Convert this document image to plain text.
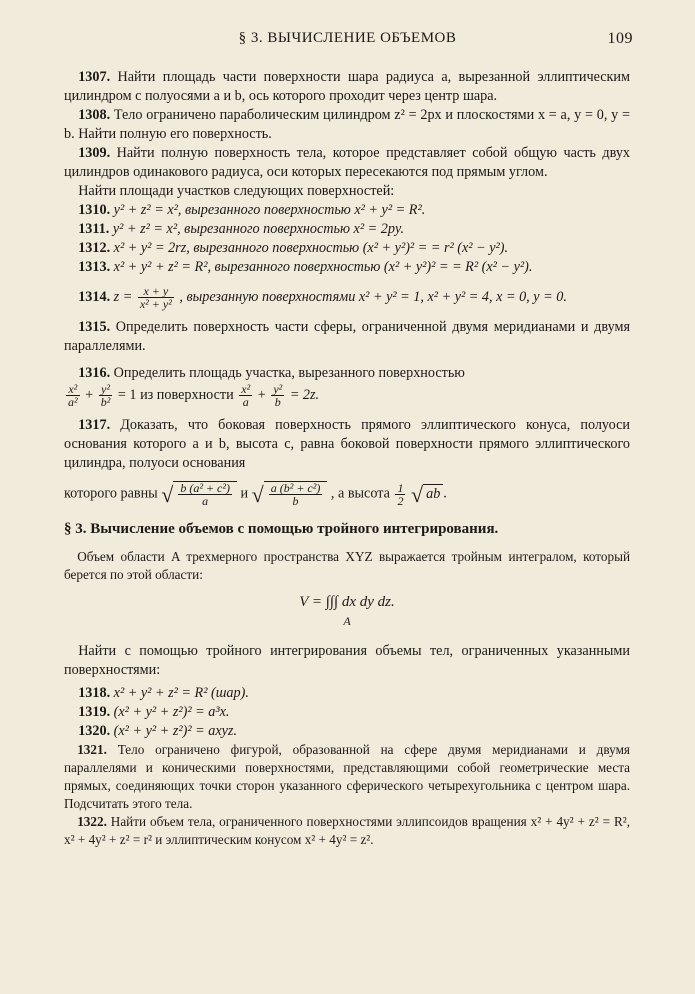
§ 3. ВЫЧИСЛЕНИЕ ОБЪЕМОВ	109

 1307. Найти площадь части поверхности шара радиуса a, вырезанной эллиптическим цилиндром с полуосями a и b, ось которого проходит через центр шара.

 1308. Тело ограничено параболическим цилиндром z² = 2px и плоскостями x = a, y = 0, y = b. Найти полную его поверхность.

 1309. Найти полную поверхность тела, которое представляет собой общую часть двух цилиндров одинакового радиуса, оси которых пересекаются под прямым углом.

 Найти площади участков следующих поверхностей:

 1310. y² + z² = x², вырезанного поверхностью x² + y² = R².

 1311. y² + z² = x², вырезанного поверхностью x² = 2py.

 1312. x² + y² = 2rz, вырезанного поверхностью (x² + y²)² = = r² (x² − y²).

 1313. x² + y² + z² = R², вырезанного поверхностью (x² + y²)² = = R² (x² − y²).

 1314. $z = \frac{x + y}{\text{x² + y²}}$ , вырезанную поверхностями x² + y² = 1, x² + y² = 4, x = 0, y = 0.

 1315. Определить поверхность части сферы, ограниченной двумя меридианами и двумя параллелями.

 1316. Определить площадь участка, вырезанного поверхностью

$\frac{\text{x²}}{\text{a²}} + \frac{\text{y²}}{\text{b²}} = 1$ из поверхности $\frac{\text{x²}}{a} + \frac{\text{y²}}{b} = 2z$.

 1317. Доказать, что боковая поверхность прямого эллиптического конуса, полуоси основания которого a и b, высота c, равна боковой поверхности прямого эллиптического цилиндра, полуоси основания

которого равны √ $\frac{\text{b (a² + c²)}}{a}$ и √ $\frac{\text{a (b² + c²)}}{b}$ , а высота $\frac{1}{2}$ √ ab .

§ 3. Вычисление объемов с помощью тройного интегрирования.

 Объем области A трехмерного пространства XYZ выражается тройным интегралом, который берется по этой области:

V = ∫∫∫ dx dy dz.
A

 Найти с помощью тройного интегрирования объемы тел, ограниченных указанными поверхностями:

 1318. x² + y² + z² = R² (шар).

 1319. (x² + y² + z²)² = a³x.

 1320. (x² + y² + z²)² = axyz.

 1321. Тело ограничено фигурой, образованной на сфере двумя меридианами и двумя параллелями и коническими поверхностями, представляющими собой геометрические места прямых, соединяющих точки сторон указанного сферического четырехугольника с центром шара. Подсчитать этого тела.

 1322. Найти объем тела, ограниченного поверхностями эллипсоидов вращения x² + 4y² + z² = R², x² + 4y² + z² = r² и эллиптическим конусом x² + 4y² = z².
